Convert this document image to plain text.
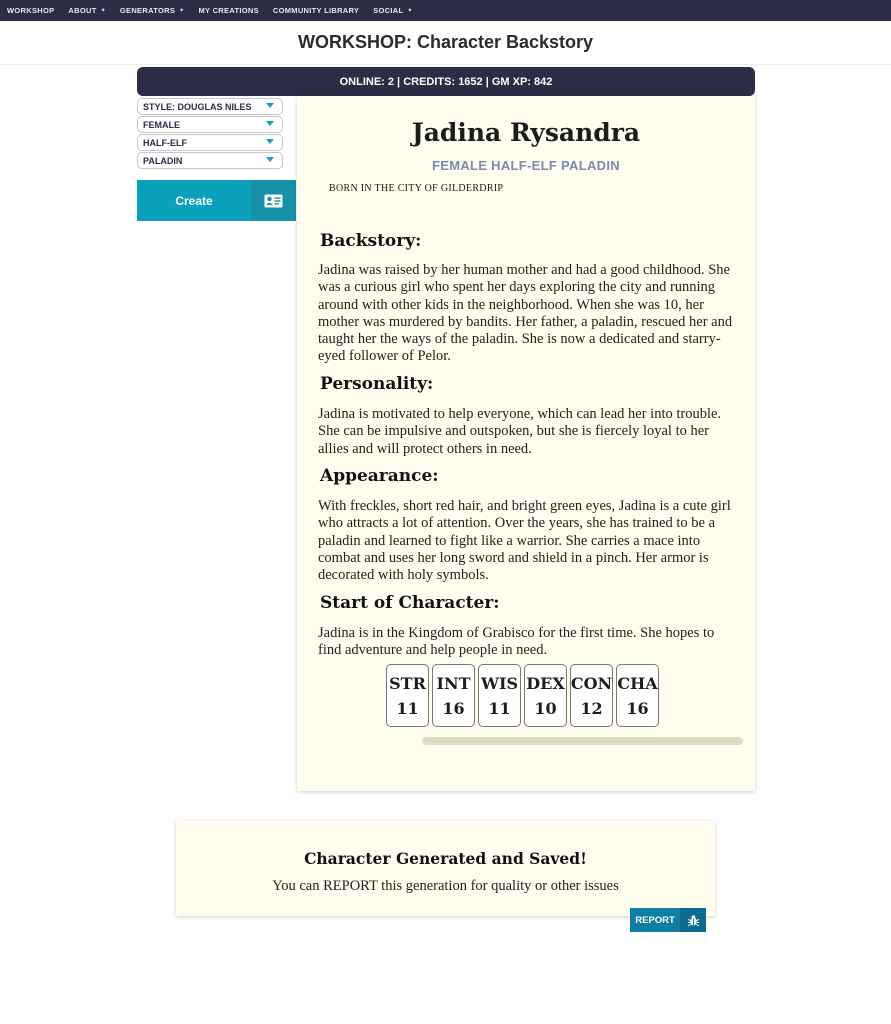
WORKSHOP ABOUT ✦ GENERATORS ✦ MY CREATIONS COMMUNITY LIBRARY SOCIAL ✦
WORKSHOP: Character Backstory
ONLINE: 2 | CREDITS: 1652 | GM XP: 842
STYLE: DOUGLAS NILES
FEMALE
HALF-ELF
PALADIN
Create
Jadina Rysandra
FEMALE HALF-ELF PALADIN
BORN IN THE CITY OF GILDERDRIP
Backstory:
Jadina was raised by her human mother and had a good childhood. She was a curious girl who spent her days exploring the city and running around with other kids in the neighborhood. When she was 10, her mother was murdered by bandits. Her father, a paladin, rescued her and taught her the ways of the paladin. She is now a dedicated and starry-eyed follower of Pelor.
Personality:
Jadina is motivated to help everyone, which can lead her into trouble. She can be impulsive and outspoken, but she is fiercely loyal to her allies and will protect others in need.
Appearance:
With freckles, short red hair, and bright green eyes, Jadina is a cute girl who attracts a lot of attention. Over the years, she has trained to be a paladin and learned to fight like a warrior. She carries a mace into combat and uses her long sword and shield in a pinch. Her armor is decorated with holy symbols.
Start of Character:
Jadina is in the Kingdom of Grabisco for the first time. She hopes to find adventure and help people in need.
STR
11
INT
16
WIS
11
DEX
10
CON
12
CHA
16
Character Generated and Saved!
You can REPORT this generation for quality or other issues
REPORT
